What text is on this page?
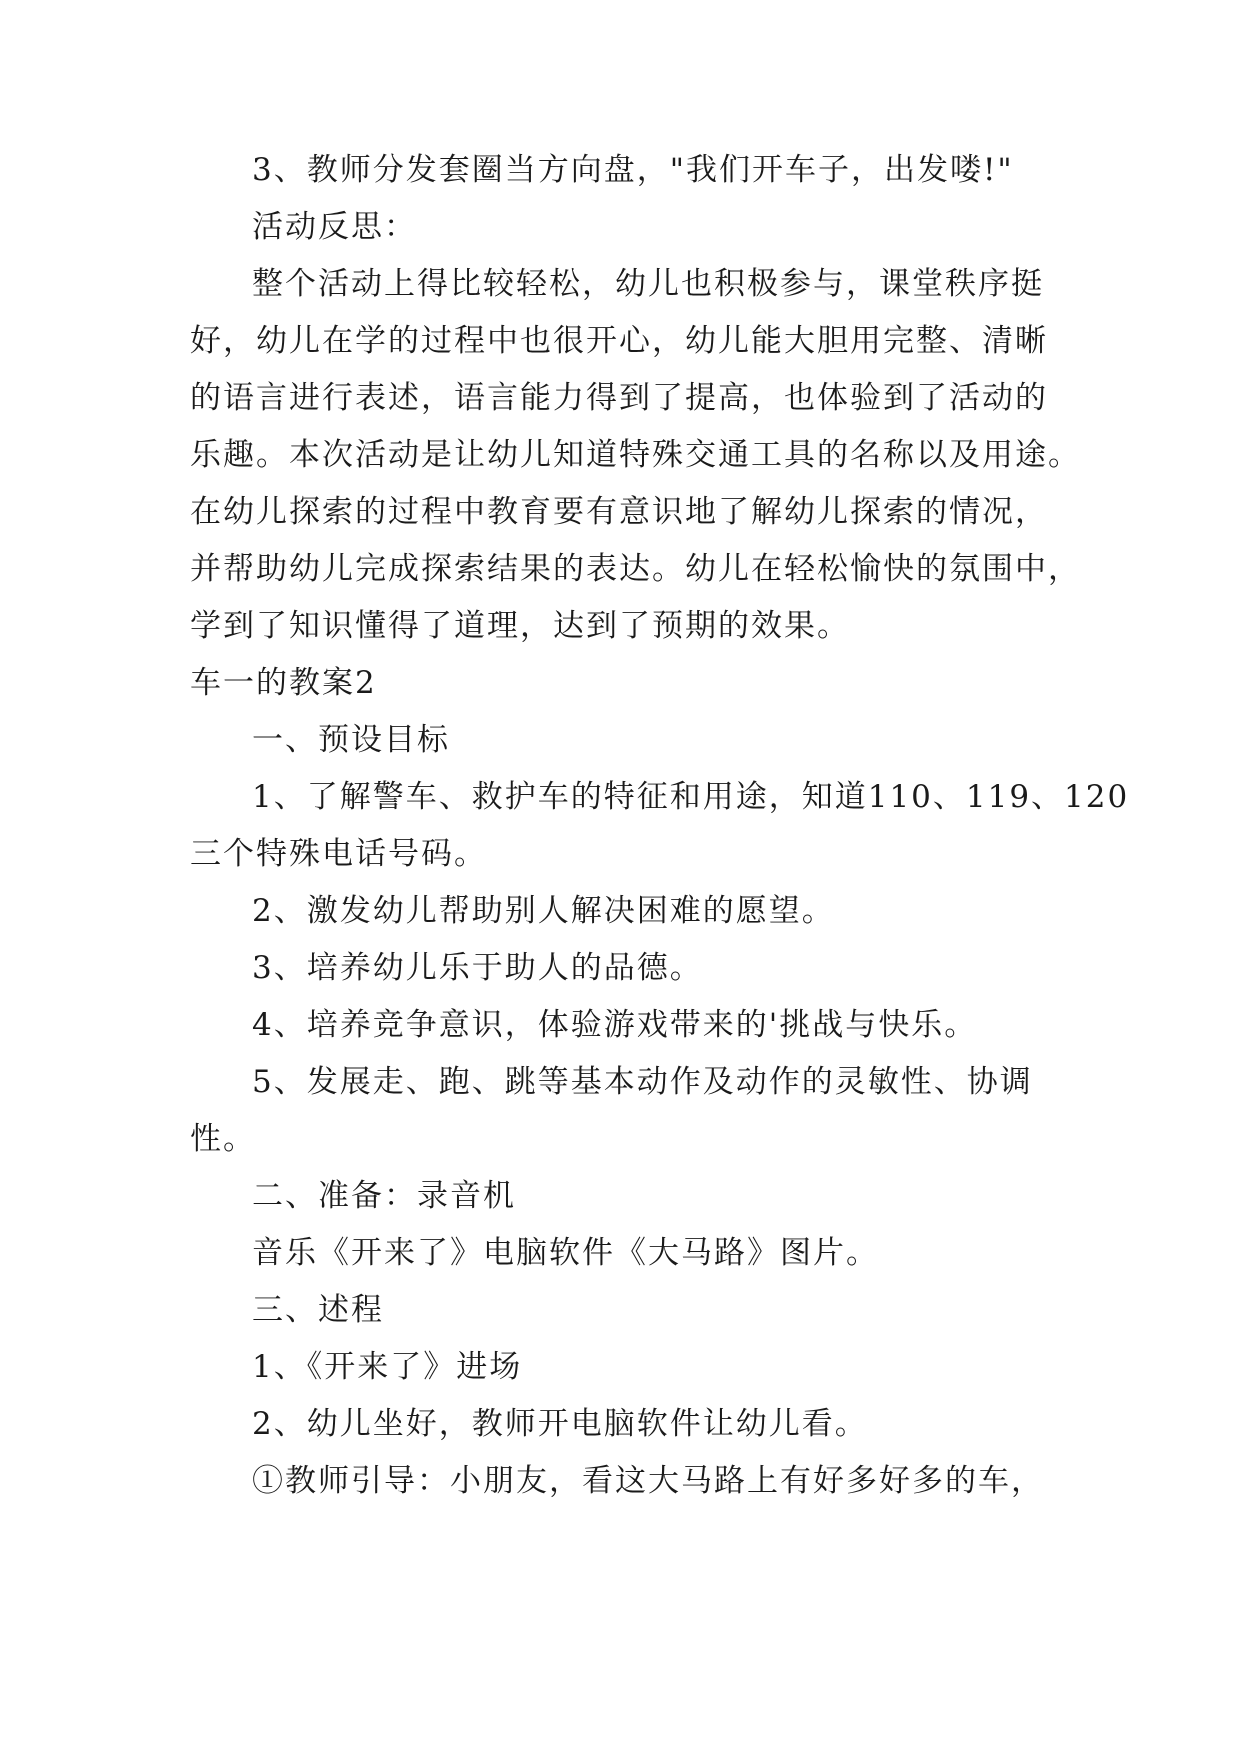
3、教师分发套圈当方向盘，"我们开车子，出发喽!"

活动反思：

整个活动上得比较轻松，幼儿也积极参与，课堂秩序挺

好，幼儿在学的过程中也很开心，幼儿能大胆用完整、清晰

的语言进行表述，语言能力得到了提高，也体验到了活动的

乐趣。本次活动是让幼儿知道特殊交通工具的名称以及用途。

在幼儿探索的过程中教育要有意识地了解幼儿探索的情况，

并帮助幼儿完成探索结果的表达。幼儿在轻松愉快的氛围中，

学到了知识懂得了道理，达到了预期的效果。

车一的教案2

一、预设目标

1、了解警车、救护车的特征和用途，知道110、119、120

三个特殊电话号码。

2、激发幼儿帮助别人解决困难的愿望。

3、培养幼儿乐于助人的品德。

4、培养竞争意识，体验游戏带来的'挑战与快乐。

5、发展走、跑、跳等基本动作及动作的灵敏性、协调

性。

二、准备：录音机

音乐《开来了》电脑软件《大马路》图片。

三、述程

1、《开来了》进场

2、幼儿坐好，教师开电脑软件让幼儿看。

①教师引导：小朋友，看这大马路上有好多好多的车，
